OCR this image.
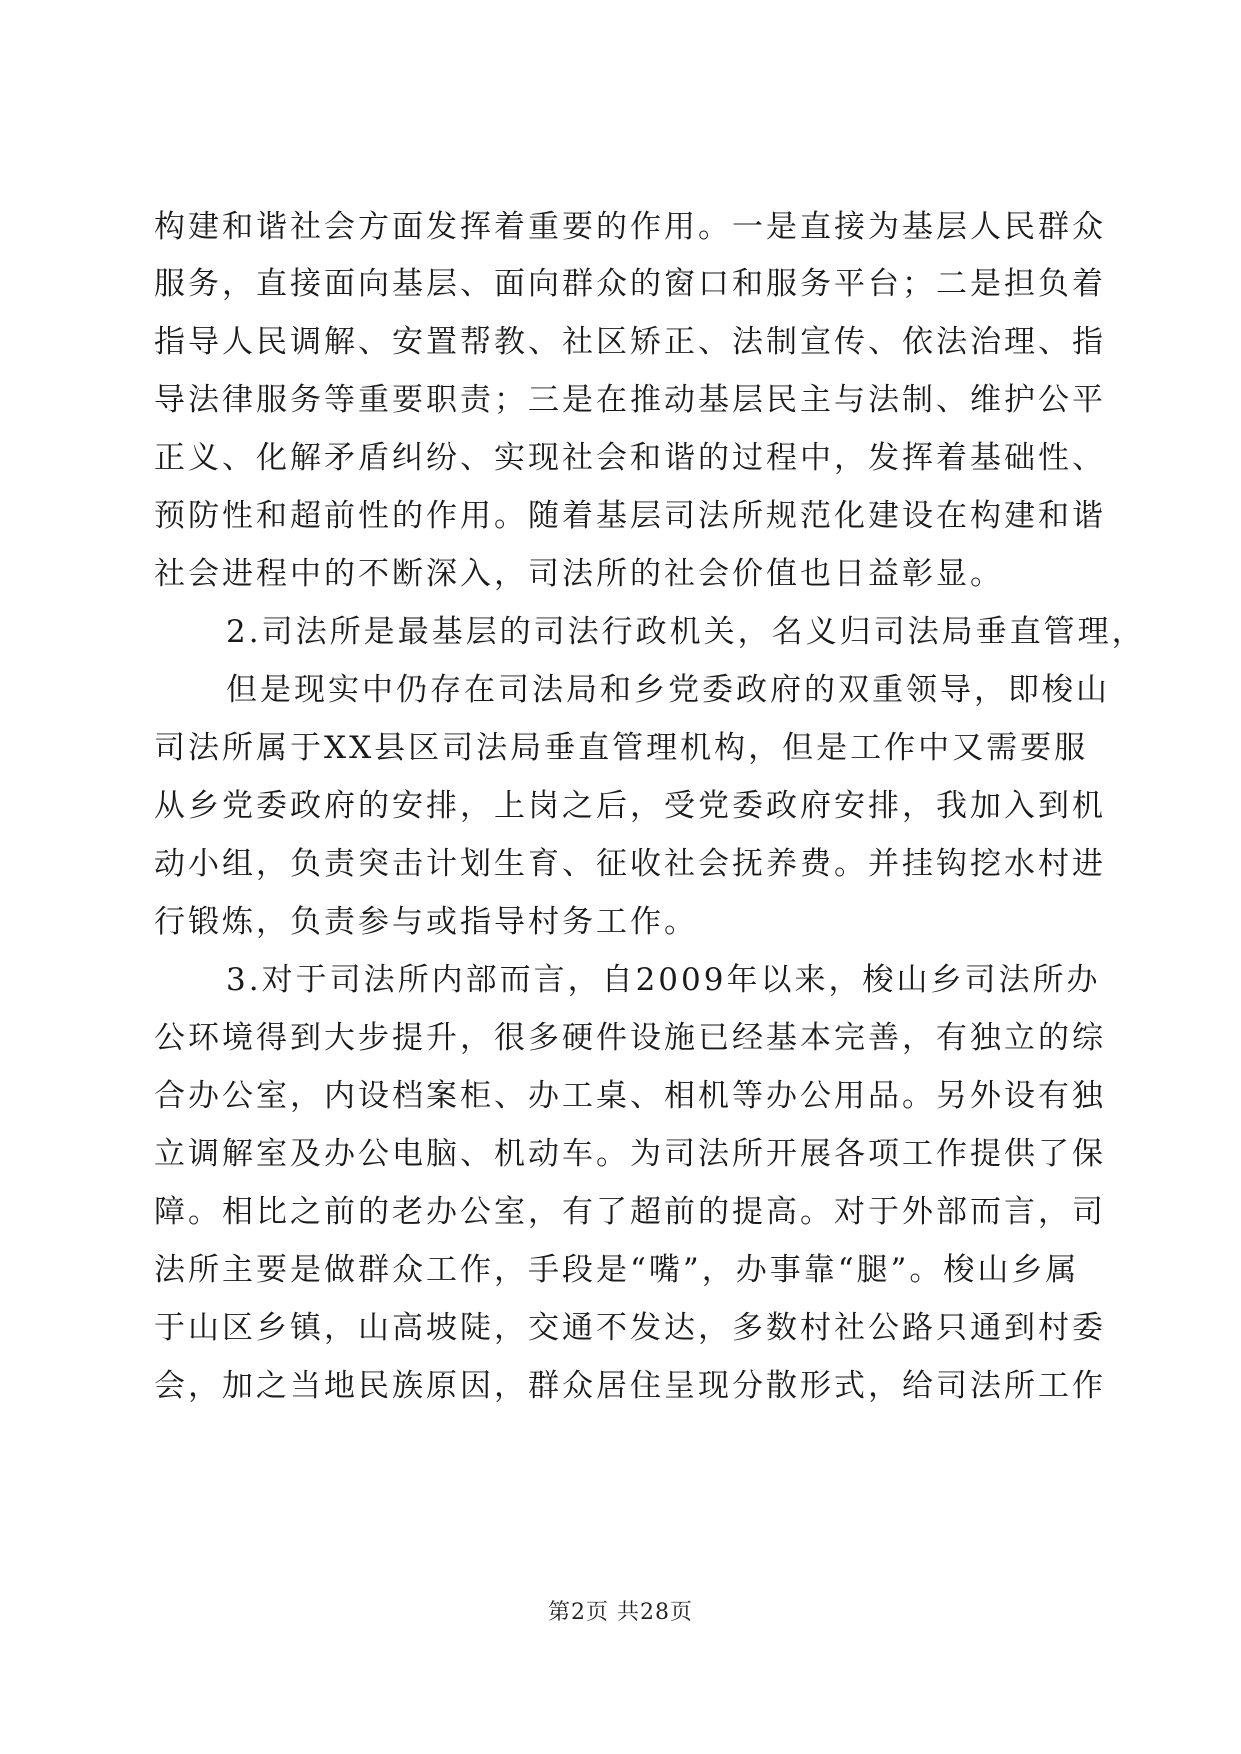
构建和谐社会方面发挥着重要的作用。一是直接为基层人民群众
服务，直接面向基层、面向群众的窗口和服务平台；二是担负着
指导人民调解、安置帮教、社区矫正、法制宣传、依法治理、指
导法律服务等重要职责；三是在推动基层民主与法制、维护公平
正义、化解矛盾纠纷、实现社会和谐的过程中，发挥着基础性、
预防性和超前性的作用。随着基层司法所规范化建设在构建和谐
社会进程中的不断深入，司法所的社会价值也日益彰显。
2.司法所是最基层的司法行政机关，名义归司法局垂直管理，
但是现实中仍存在司法局和乡党委政府的双重领导，即梭山
司法所属于XX县区司法局垂直管理机构，但是工作中又需要服
从乡党委政府的安排，上岗之后，受党委政府安排，我加入到机
动小组，负责突击计划生育、征收社会抚养费。并挂钩挖水村进
行锻炼，负责参与或指导村务工作。
3.对于司法所内部而言，自2009年以来，梭山乡司法所办
公环境得到大步提升，很多硬件设施已经基本完善，有独立的综
合办公室，内设档案柜、办工桌、相机等办公用品。另外设有独
立调解室及办公电脑、机动车。为司法所开展各项工作提供了保
障。相比之前的老办公室，有了超前的提高。对于外部而言，司
法所主要是做群众工作，手段是“嘴”，办事靠“腿”。梭山乡属
于山区乡镇，山高坡陡，交通不发达，多数村社公路只通到村委
会，加之当地民族原因，群众居住呈现分散形式，给司法所工作
第2页 共28页
